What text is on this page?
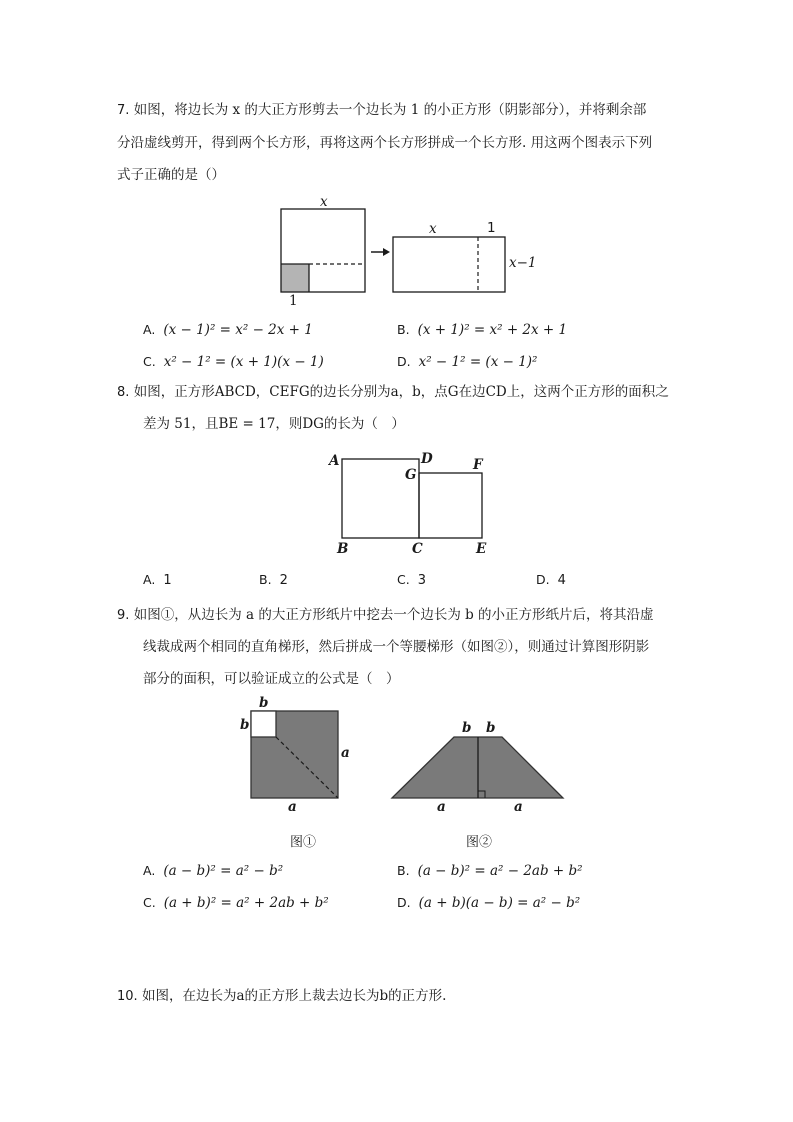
7. 如图，将边长为 x 的大正方形剪去一个边长为 1 的小正方形（阴影部分），并将剩余部
分沿虚线剪开，得到两个长方形，再将这两个长方形拼成一个长方形. 用这两个图表示下列
式子正确的是（）
x
1
x	1
x−1
A. (x − 1)² = x² − 2x + 1	B. (x + 1)² = x² + 2x + 1
C. x² − 1² = (x + 1)(x − 1)	D. x² − 1² = (x − 1)²
8. 如图，正方形ABCD，CEFG的边长分别为a，b，点G在边CD上，这两个正方形的面积之
差为 51，且BE = 17，则DG的长为（　）
A	D
G
F
B	C	E
A. 1	B. 2	C. 3	D. 4
9. 如图①，从边长为 a 的大正方形纸片中挖去一个边长为 b 的小正方形纸片后，将其沿虚
线裁成两个相同的直角梯形，然后拼成一个等腰梯形（如图②），则通过计算图形阴影
部分的面积，可以验证成立的公式是（　）
b
b
a
a
b b
a	a
图①	图②
A. (a − b)² = a² − b²	B. (a − b)² = a² − 2ab + b²
C. (a + b)² = a² + 2ab + b²	D. (a + b)(a − b) = a² − b²
10. 如图，在边长为a的正方形上裁去边长为b的正方形.
